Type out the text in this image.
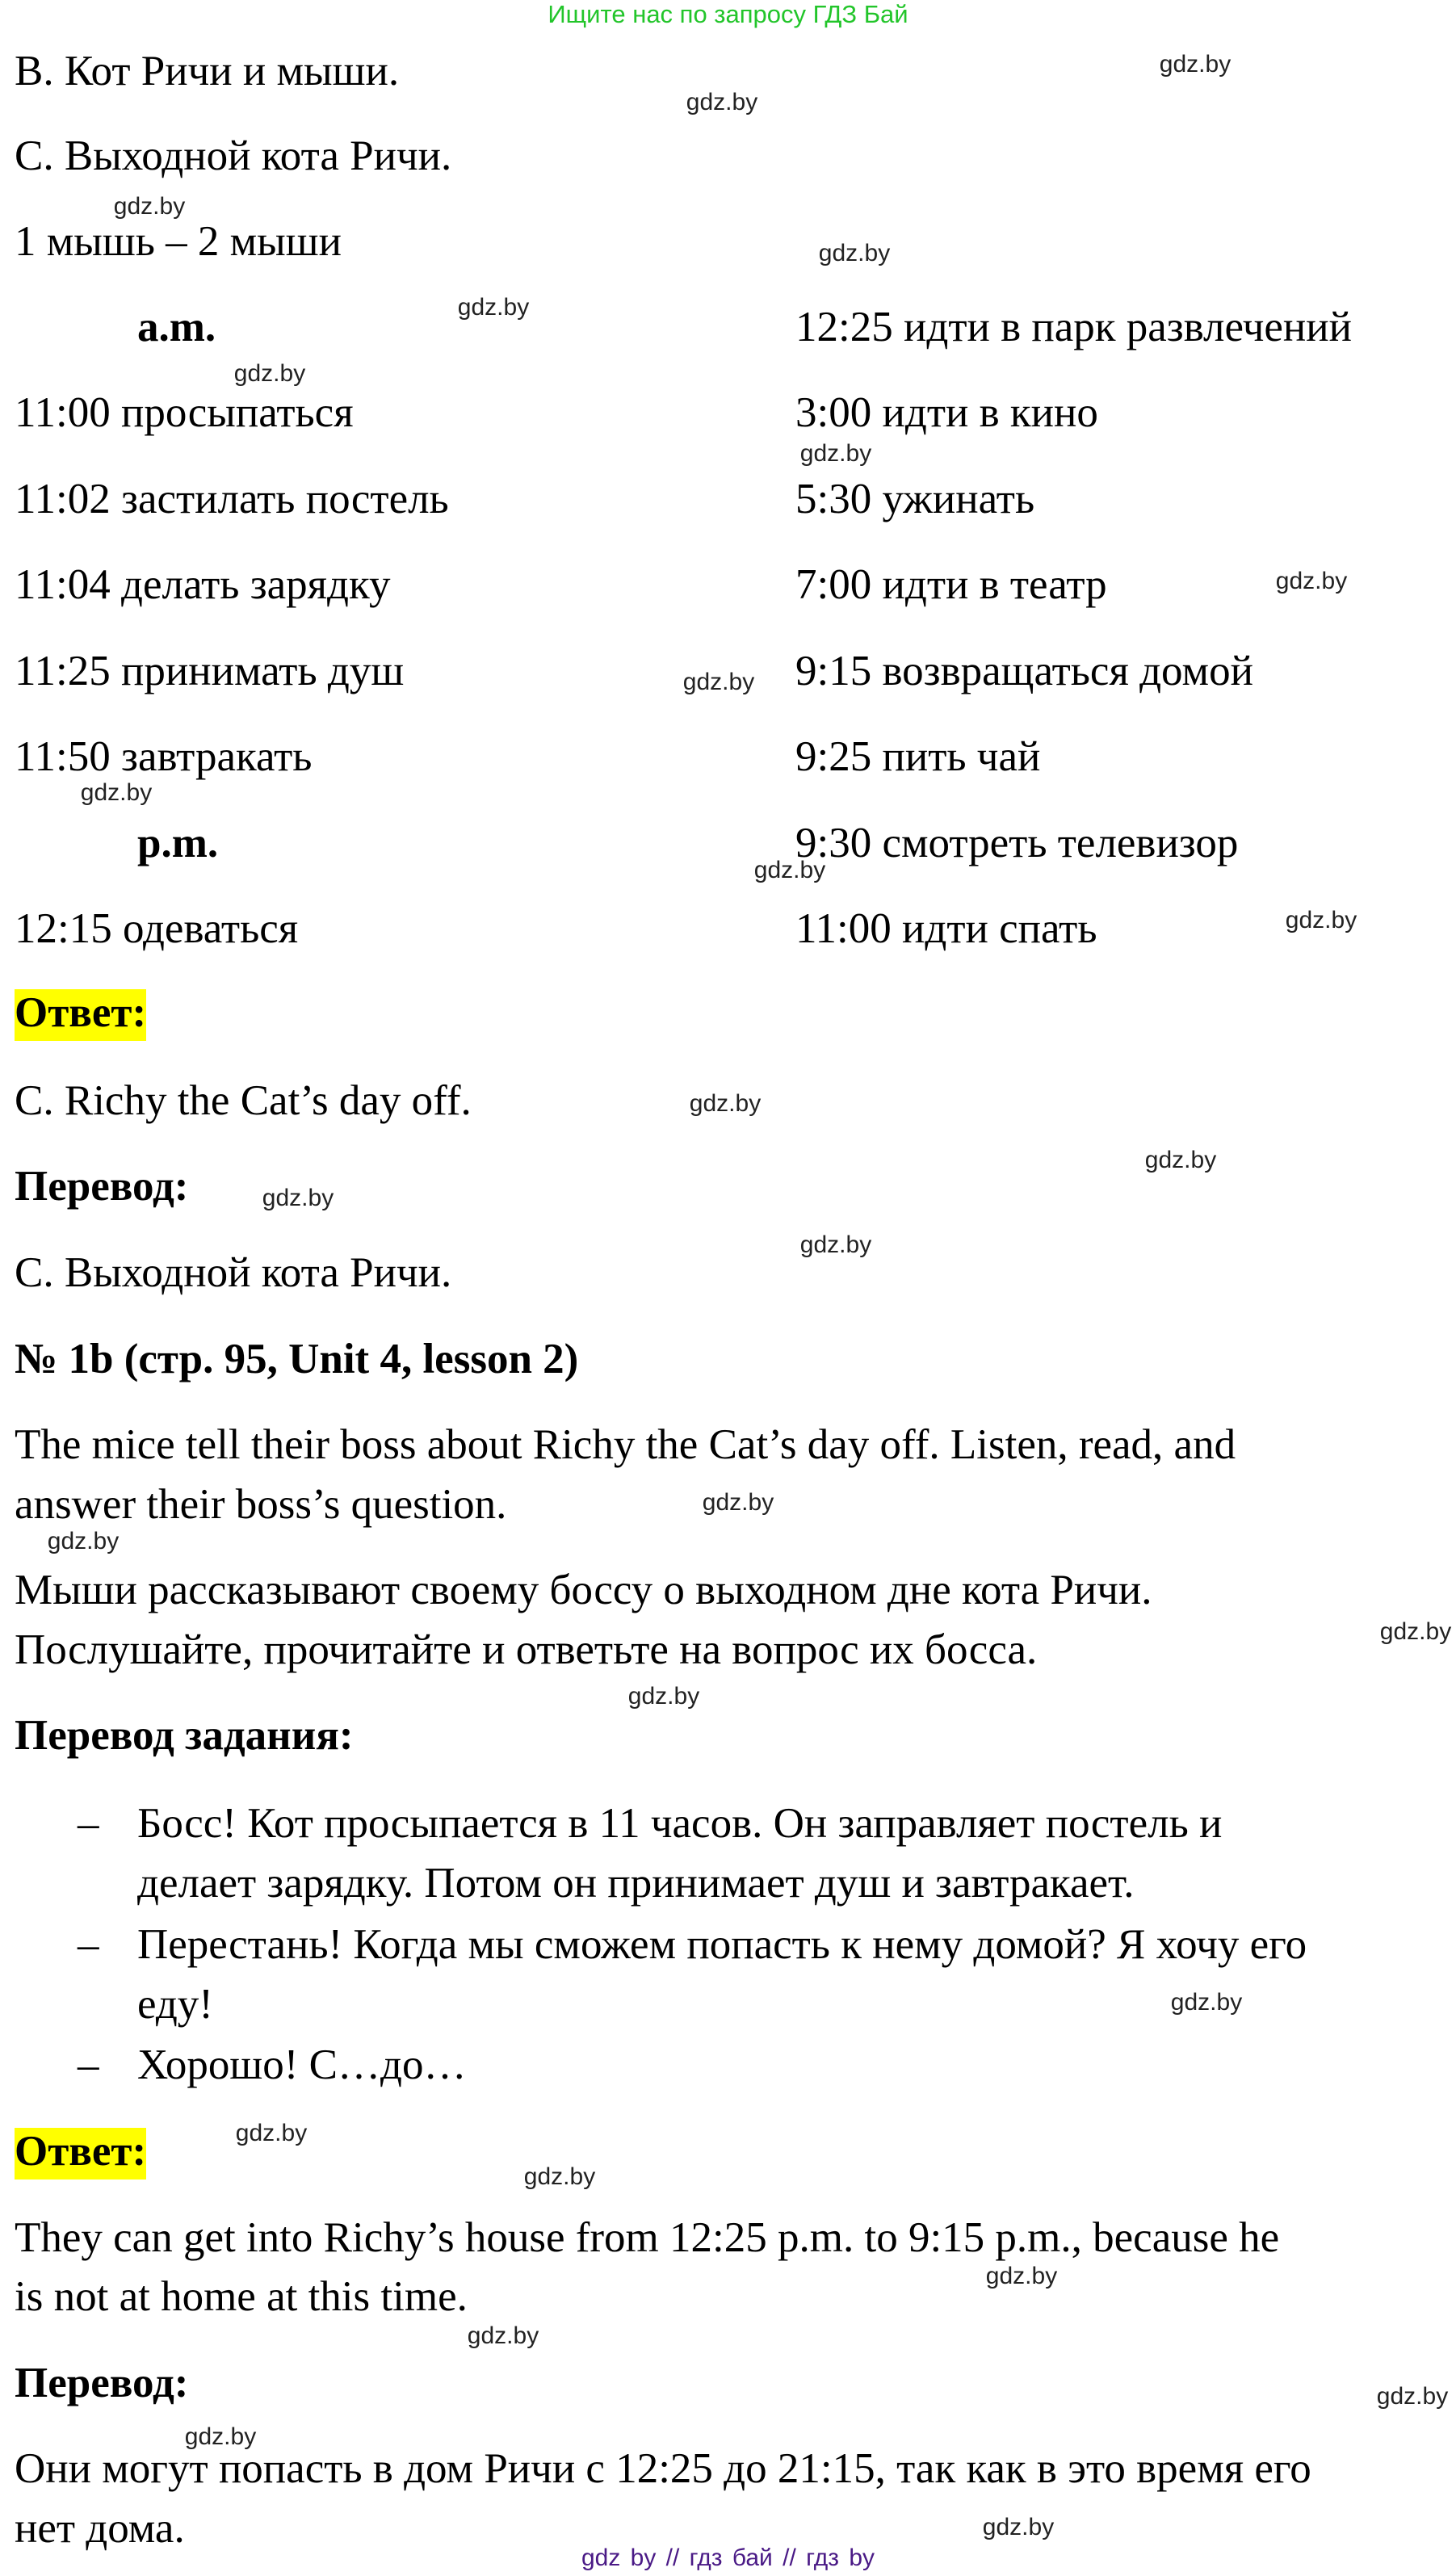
Ищите нас по запросу ГДЗ Бай
B. Кот Ричи и мыши.
C. Выходной кота Ричи.
1 мышь – 2 мыши
a.m.
11:00 просыпаться
11:02 застилать постель
11:04 делать зарядку
11:25 принимать душ
11:50 завтракать
p.m.
12:15 одеваться
12:25 идти в парк развлечений
3:00 идти в кино
5:30 ужинать
7:00 идти в театр
9:15 возвращаться домой
9:25 пить чай
9:30 смотреть телевизор
11:00 идти спать
Ответ:
C. Richy the Cat’s day off.
Перевод:
C. Выходной кота Ричи.
№ 1b (стр. 95, Unit 4, lesson 2)
The mice tell their boss about Richy the Cat’s day off. Listen, read, and
answer their boss’s question.
Мыши рассказывают своему боссу о выходном дне кота Ричи.
Послушайте, прочитайте и ответьте на вопрос их босса.
Перевод задания:
– Босс! Кот просыпается в 11 часов. Он заправляет постель и
делает зарядку. Потом он принимает душ и завтракает.
– Перестань! Когда мы сможем попасть к нему домой? Я хочу его
еду!
– Хорошо! С…до…
Ответ:
They can get into Richy’s house from 12:25 p.m. to 9:15 p.m., because he
is not at home at this time.
Перевод:
Они могут попасть в дом Ричи с 12:25 до 21:15, так как в это время его
нет дома.
gdz.by
gdz.by
gdz.by
gdz.by
gdz.by
gdz.by
gdz.by
gdz.by
gdz.by
gdz.by
gdz.by
gdz.by
gdz.by
gdz.by
gdz.by
gdz.by
gdz.by
gdz.by
gdz.by
gdz.by
gdz.by
gdz.by
gdz.by
gdz.by
gdz.by
gdz.by
gdz.by
gdz.by
gdz by // гдз бай // гдз by
